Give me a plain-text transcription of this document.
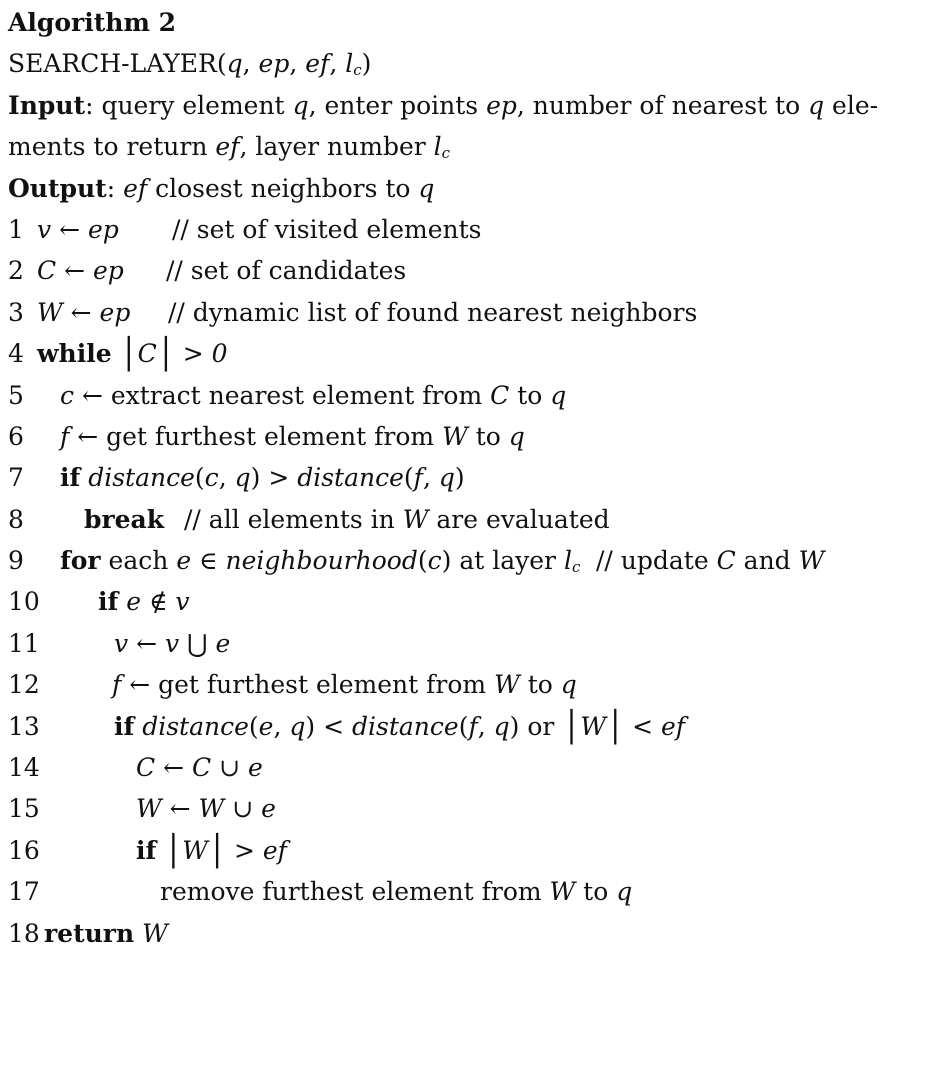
Algorithm 2
SEARCH-LAYER(q, ep, ef, lc)
Input: query element q, enter points ep, number of nearest to q ele-
ments to return ef, layer number lc
Output: ef closest neighbors to q

1

v ← ep

// set of visited elements

2

C ← ep

// set of candidates

3

W ← ep

// dynamic list of found nearest neighbors

4

while │C│ > 0

5

c ← extract nearest element from C to q

6

f ← get furthest element from W to q

7

if distance(c, q) > distance(f, q)

8

break

// all elements in W are evaluated

9

for each e ∈ neighbourhood(c) at layer lc

// update C and W

10

if e ∉ v

11

	v ← v ⋃ e

12

	f ← get furthest element from W to q

13

	if distance(e, q) < distance(f, q) or │W│ < ef

14

	C ← C ∪ e

15

	W ← W ∪ e

16

	if │W│ > ef

17

	remove furthest element from W to q

18

return W
